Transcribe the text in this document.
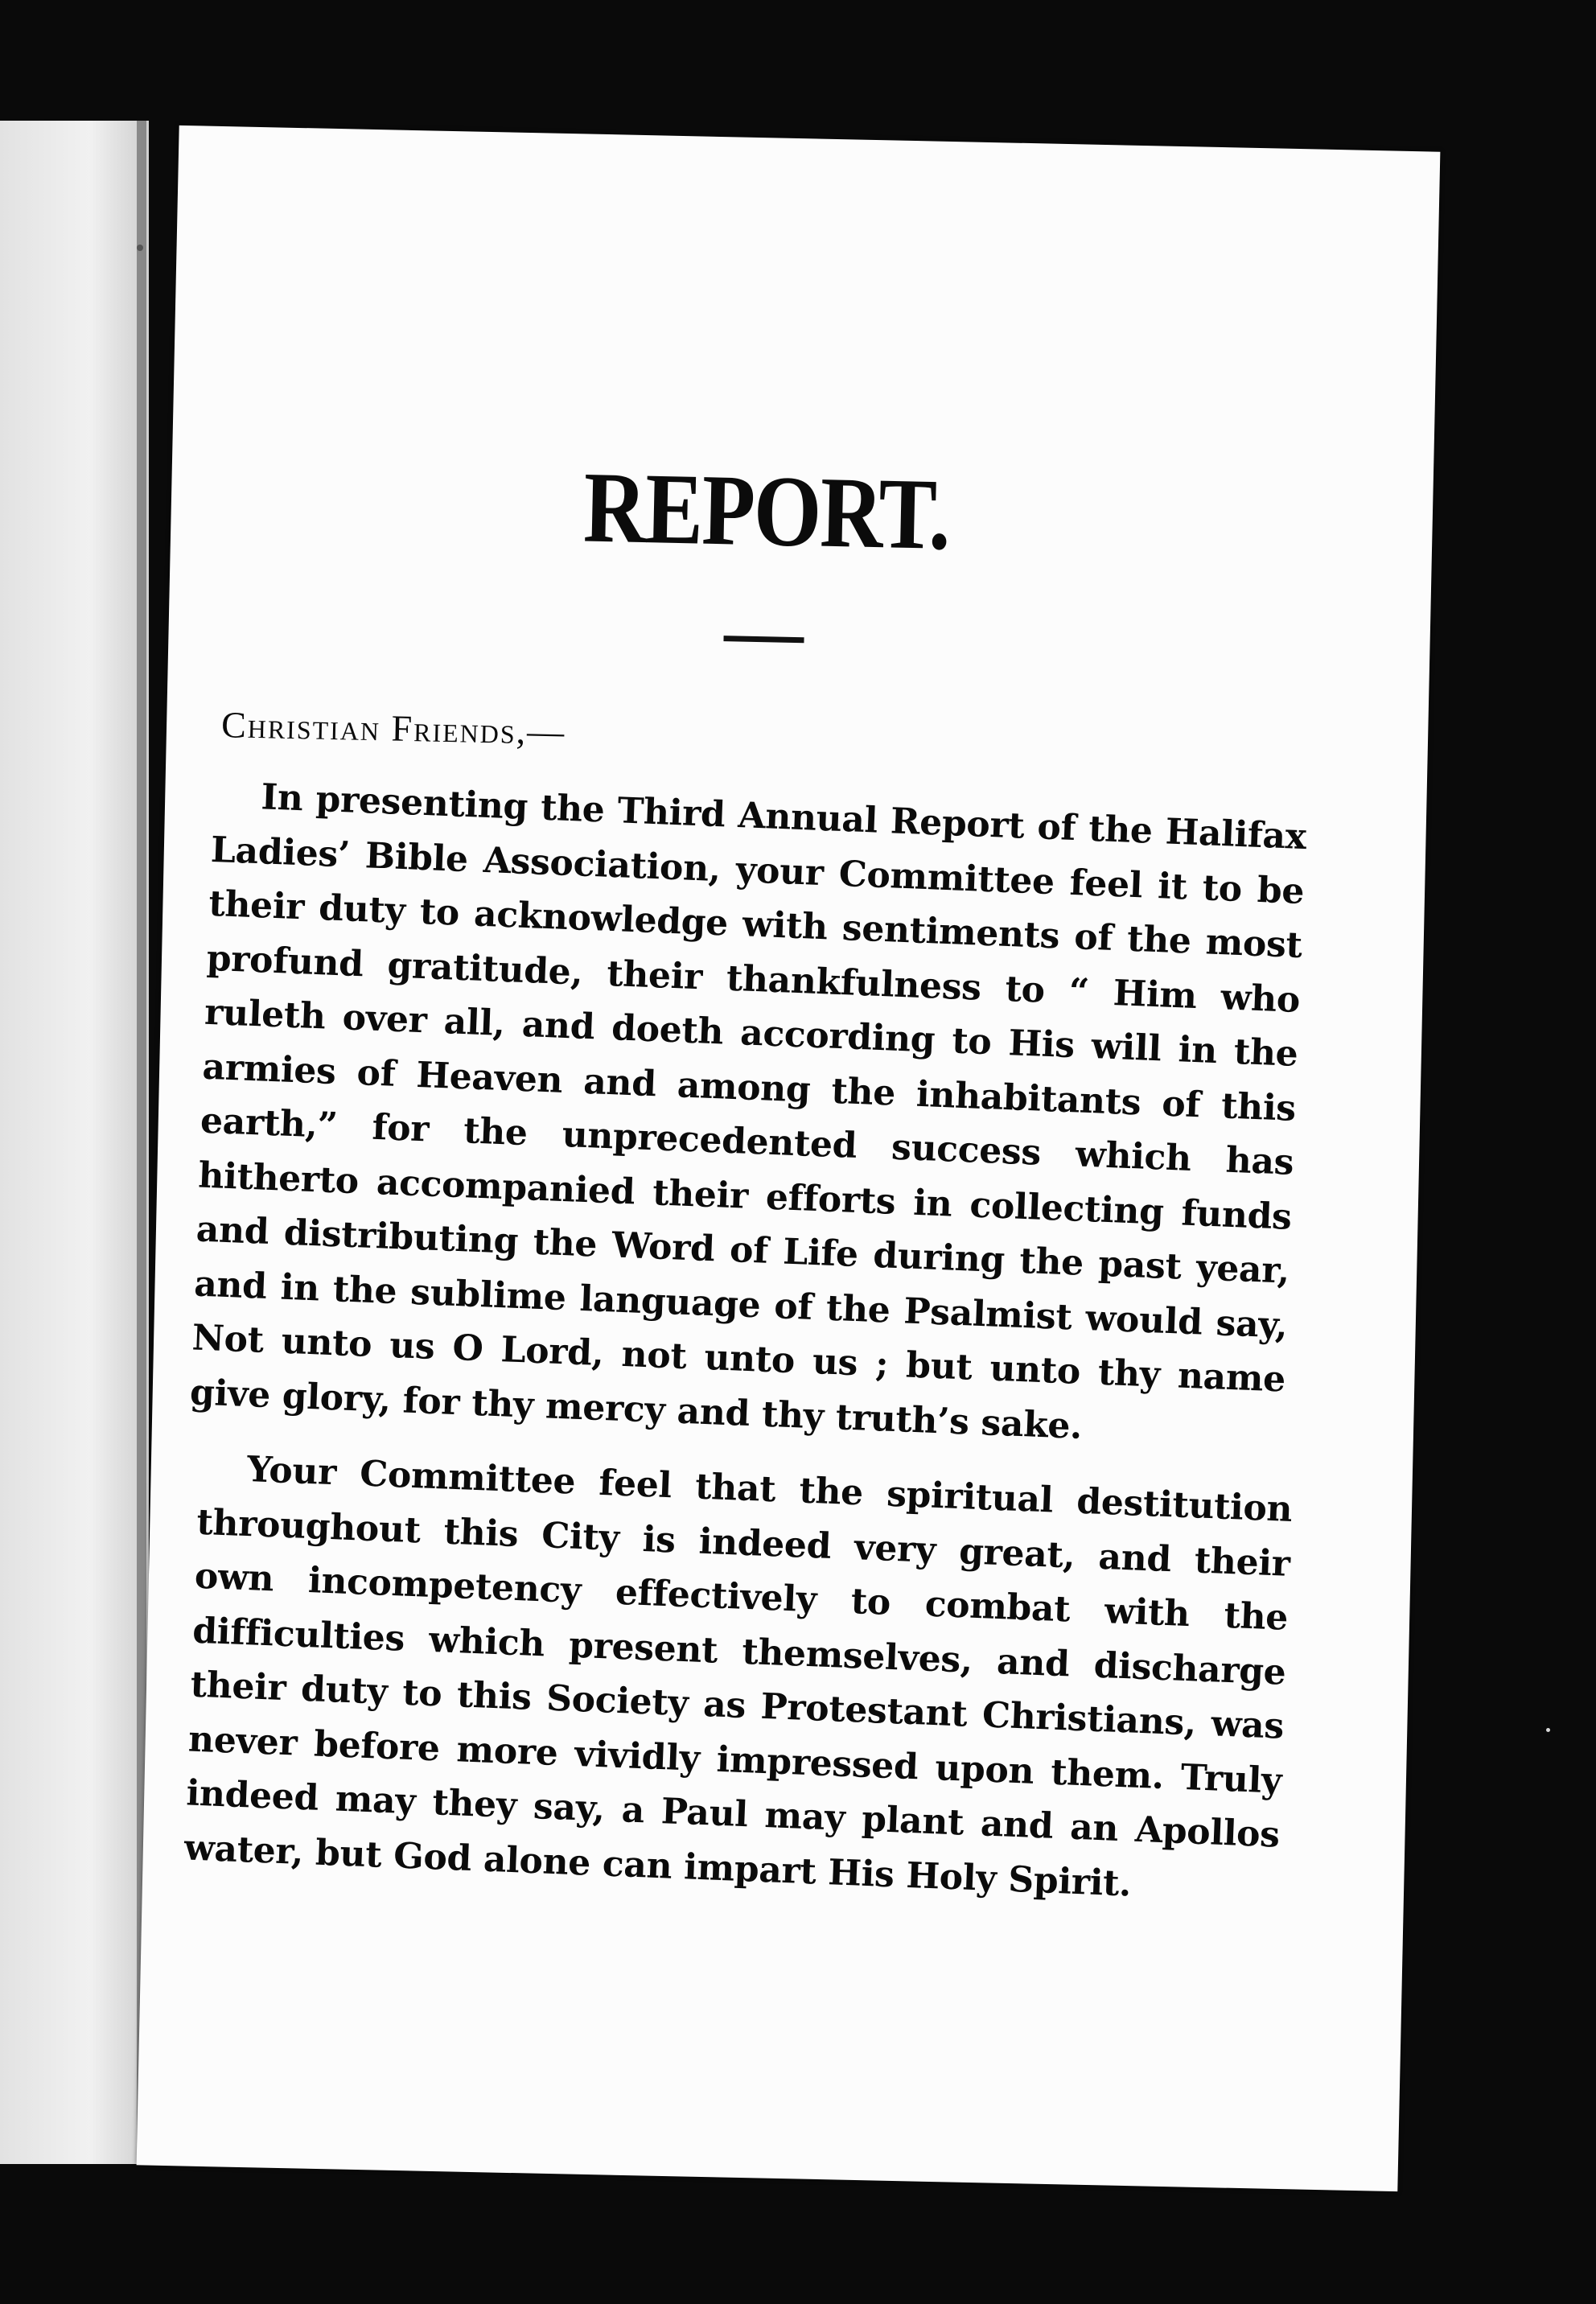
REPORT.
Christian Friends,—

In presenting the Third Annual Report of the Halifax Ladies’ Bible Association, your Committee feel it to be their duty to acknowledge with sentiments of the most profund gratitude, their thankfulness to “ Him who ruleth over all, and doeth according to His will in the armies of Heaven and among the inhabitants of this earth,” for the unprecedented success which has hitherto accompanied their efforts in collecting funds and distributing the Word of Life during the past year, and in the sublime language of the Psalmist would say, Not unto us O Lord, not unto us ; but unto thy name give glory, for thy mercy and thy truth’s sake.

Your Committee feel that the spiritual destitution throughout this City is indeed very great, and their own incompetency effectively to combat with the difficulties which present themselves, and discharge their duty to this Society as Protestant Christians, was never before more vividly impressed upon them. Truly indeed may they say, a Paul may plant and an Apollos water, but God alone can impart His Holy Spirit.
